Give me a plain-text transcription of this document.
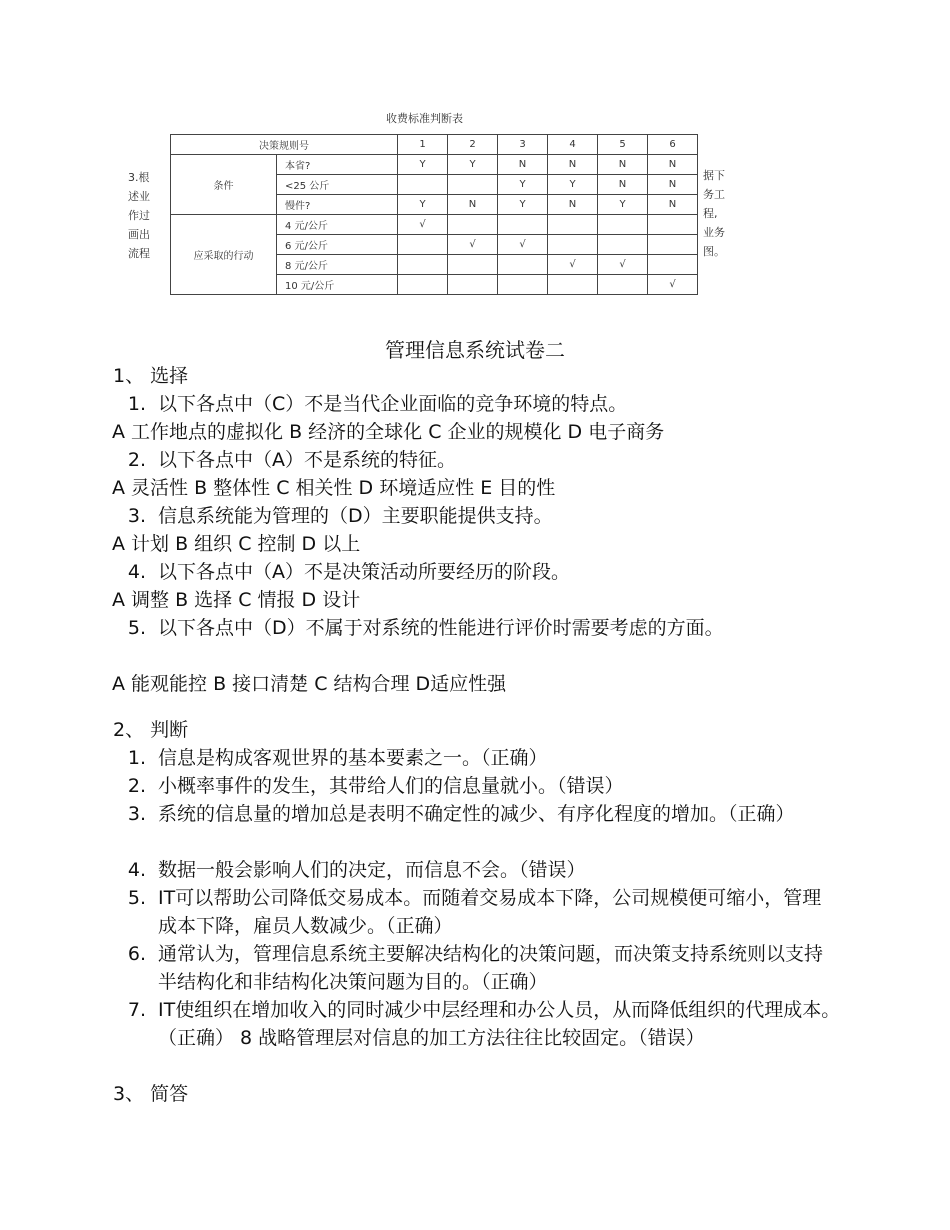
收费标准判断表
3.根
述业
作过
画出
流程
据下
务工
程,
业务
图。
决策规则号		1	2	3	4	5	6
条件	本省?	Y	Y	N	N	N	N
	<25 公斤			Y	Y	N	N
	慢件?	Y	N	Y	N	Y	N
应采取的行动	4 元/公斤	√					
	6 元/公斤		√	√			
	8 元/公斤				√	√	
	10 元/公斤						√
管理信息系统试卷二
1、 选择
1. 以下各点中（C）不是当代企业面临的竞争环境的特点。
A 工作地点的虚拟化 B 经济的全球化 C 企业的规模化 D 电子商务
2. 以下各点中（A）不是系统的特征。
A 灵活性 B 整体性 C 相关性 D 环境适应性 E 目的性
3. 信息系统能为管理的（D）主要职能提供支持。
A 计划 B 组织 C 控制 D 以上
4. 以下各点中（A）不是决策活动所要经历的阶段。
A 调整 B 选择 C 情报 D 设计
5. 以下各点中（D）不属于对系统的性能进行评价时需要考虑的方面。
A 能观能控 B 接口清楚 C 结构合理 D适应性强
2、 判断
1. 信息是构成客观世界的基本要素之一。（正确）
2. 小概率事件的发生，其带给人们的信息量就小。（错误）
3. 系统的信息量的增加总是表明不确定性的减少、有序化程度的增加。（正确）
4. 数据一般会影响人们的决定，而信息不会。（错误）
5. IT可以帮助公司降低交易成本。而随着交易成本下降，公司规模便可缩小，管理成本下降，雇员人数减少。（正确）
6. 通常认为，管理信息系统主要解决结构化的决策问题，而决策支持系统则以支持半结构化和非结构化决策问题为目的。（正确）
7. IT使组织在增加收入的同时减少中层经理和办公人员，从而降低组织的代理成本。（正确） 8 战略管理层对信息的加工方法往往比较固定。（错误）
3、 简答
